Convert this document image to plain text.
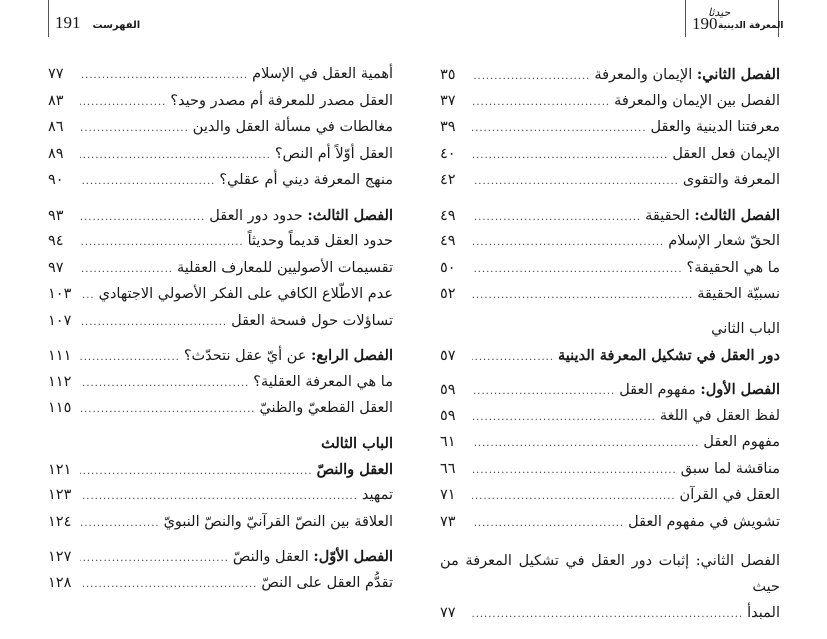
191 الفهرست
حيدثا
190 المعرفة الدينية
أهمية العقل في الإسلام
.....
٧٧
العقل مصدر للمعرفة أم مصدر وحيد؟
.....
٨٣
مغالطات في مسألة العقل والدين
.....
٨٦
العقل أوّلاً أم النص؟
.....
٨٩
منهج المعرفة ديني أم عقلي؟
.....
٩٠
الفصل الثالث: حدود دور العقل
.....
٩٣
حدود العقل قديماً وحديثاً
.....
٩٤
تقسيمات الأصوليين للمعارف العقلية
.....
٩٧
عدم الاطّلاع الكافي على الفكر الأصولي الاجتهادي
.....
١٠٣
تساؤلات حول فسحة العقل
.....
١٠٧
الفصل الرابع: عن أيّ عقل نتحدّث؟
.....
١١١
ما هي المعرفة العقلية؟
.....
١١٢
العقل القطعيّ والظنيّ
.....
١١٥
الباب الثالث
العقل والنصّ
.....
١٢١
تمهيد
.....
١٢٣
العلاقة بين النصّ القرآنيّ والنصّ النبويّ
.....
١٢٤
الفصل الأوّل: العقل والنصّ
.....
١٢٧
تقدُّم العقل على النصّ
.....
١٢٨
الفصل الثاني: الإيمان والمعرفة
.....
٣٥
الفصل بين الإيمان والمعرفة
.....
٣٧
معرفتنا الدينية والعقل
.....
٣٩
الإيمان فعل العقل
.....
٤٠
المعرفة والتقوى
.....
٤٢
الفصل الثالث: الحقيقة
.....
٤٩
الحقّ شعار الإسلام
.....
٤٩
ما هي الحقيقة؟
.....
٥٠
نسبيّة الحقيقة
.....
٥٢
الباب الثاني
دور العقل في تشكيل المعرفة الدينية
.....
٥٧
الفصل الأول: مفهوم العقل
.....
٥٩
لفظ العقل في اللغة
.....
٥٩
مفهوم العقل
.....
٦١
مناقشة لما سبق
.....
٦٦
العقل في القرآن
.....
٧١
تشويش في مفهوم العقل
.....
٧٣
الفصل الثاني: إثبات دور العقل في تشكيل المعرفة من حيث
المبدأ
.....
٧٧
